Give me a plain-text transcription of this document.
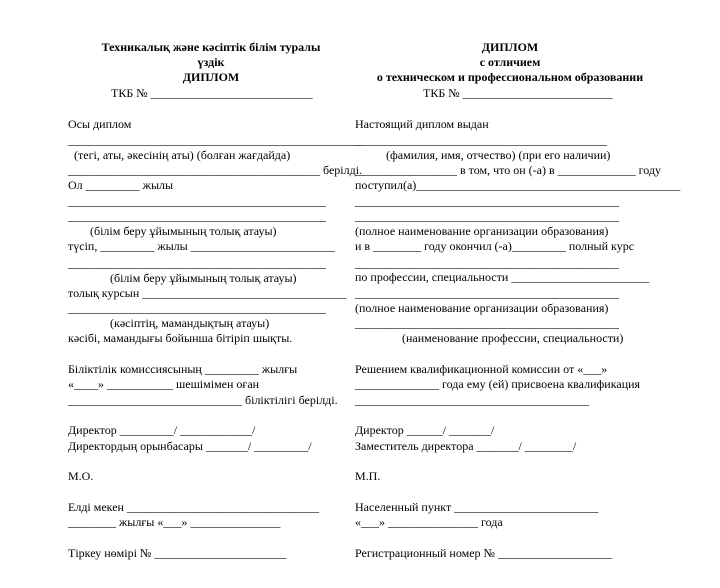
Техникалық және кәсіптік білім туралы
үздік
ДИПЛОМ
ТКБ № ___________________________
Осы диплом
_________________________________________________
(тегі, аты, әкесінің аты) (болған жағдайда)
__________________________________________ берілді.
Ол _________ жылы
___________________________________________
___________________________________________
(білім беру ұйымының толық атауы)
түсіп, _________ жылы ________________________
___________________________________________
(білім беру ұйымының толық атауы)
толық курсын __________________________________
___________________________________________
(кәсіптің, мамандықтың атауы)
кәсібі, мамандығы бойынша бітіріп шықты.
Біліктілік комиссиясының _________ жылғы
«____» ___________ шешімімен оған
_____________________________ біліктілігі берілді.
Директор _________/ ____________/
Директордың орынбасары _______/ _________/
М.О.
Елді мекен ________________________________
________ жылғы «___» _______________
Тіркеу нөмірі № ______________________
ДИПЛОМ
с отличием
о техническом и профессиональном образовании
ТКБ № _________________________
Настоящий диплом выдан
__________________________________________
(фамилия, имя, отчество) (при его наличии)
_________________ в том, что он (-а) в _____________ году
поступил(а)____________________________________________
____________________________________________
____________________________________________
(полное наименование организации образования)
и в ________ году окончил (-а)_________ полный курс
____________________________________________
по профессии, специальности _______________________
____________________________________________
(полное наименование организации образования)
____________________________________________
(наименование профессии, специальности)
Решением квалификационной комиссии от «___»
______________ года ему (ей) присвоена квалификация
_______________________________________
Директор ______/ _______/
Заместитель директора _______/ ________/
М.П.
Населенный пункт ________________________
«___» _______________ года
Регистрационный номер № ___________________
